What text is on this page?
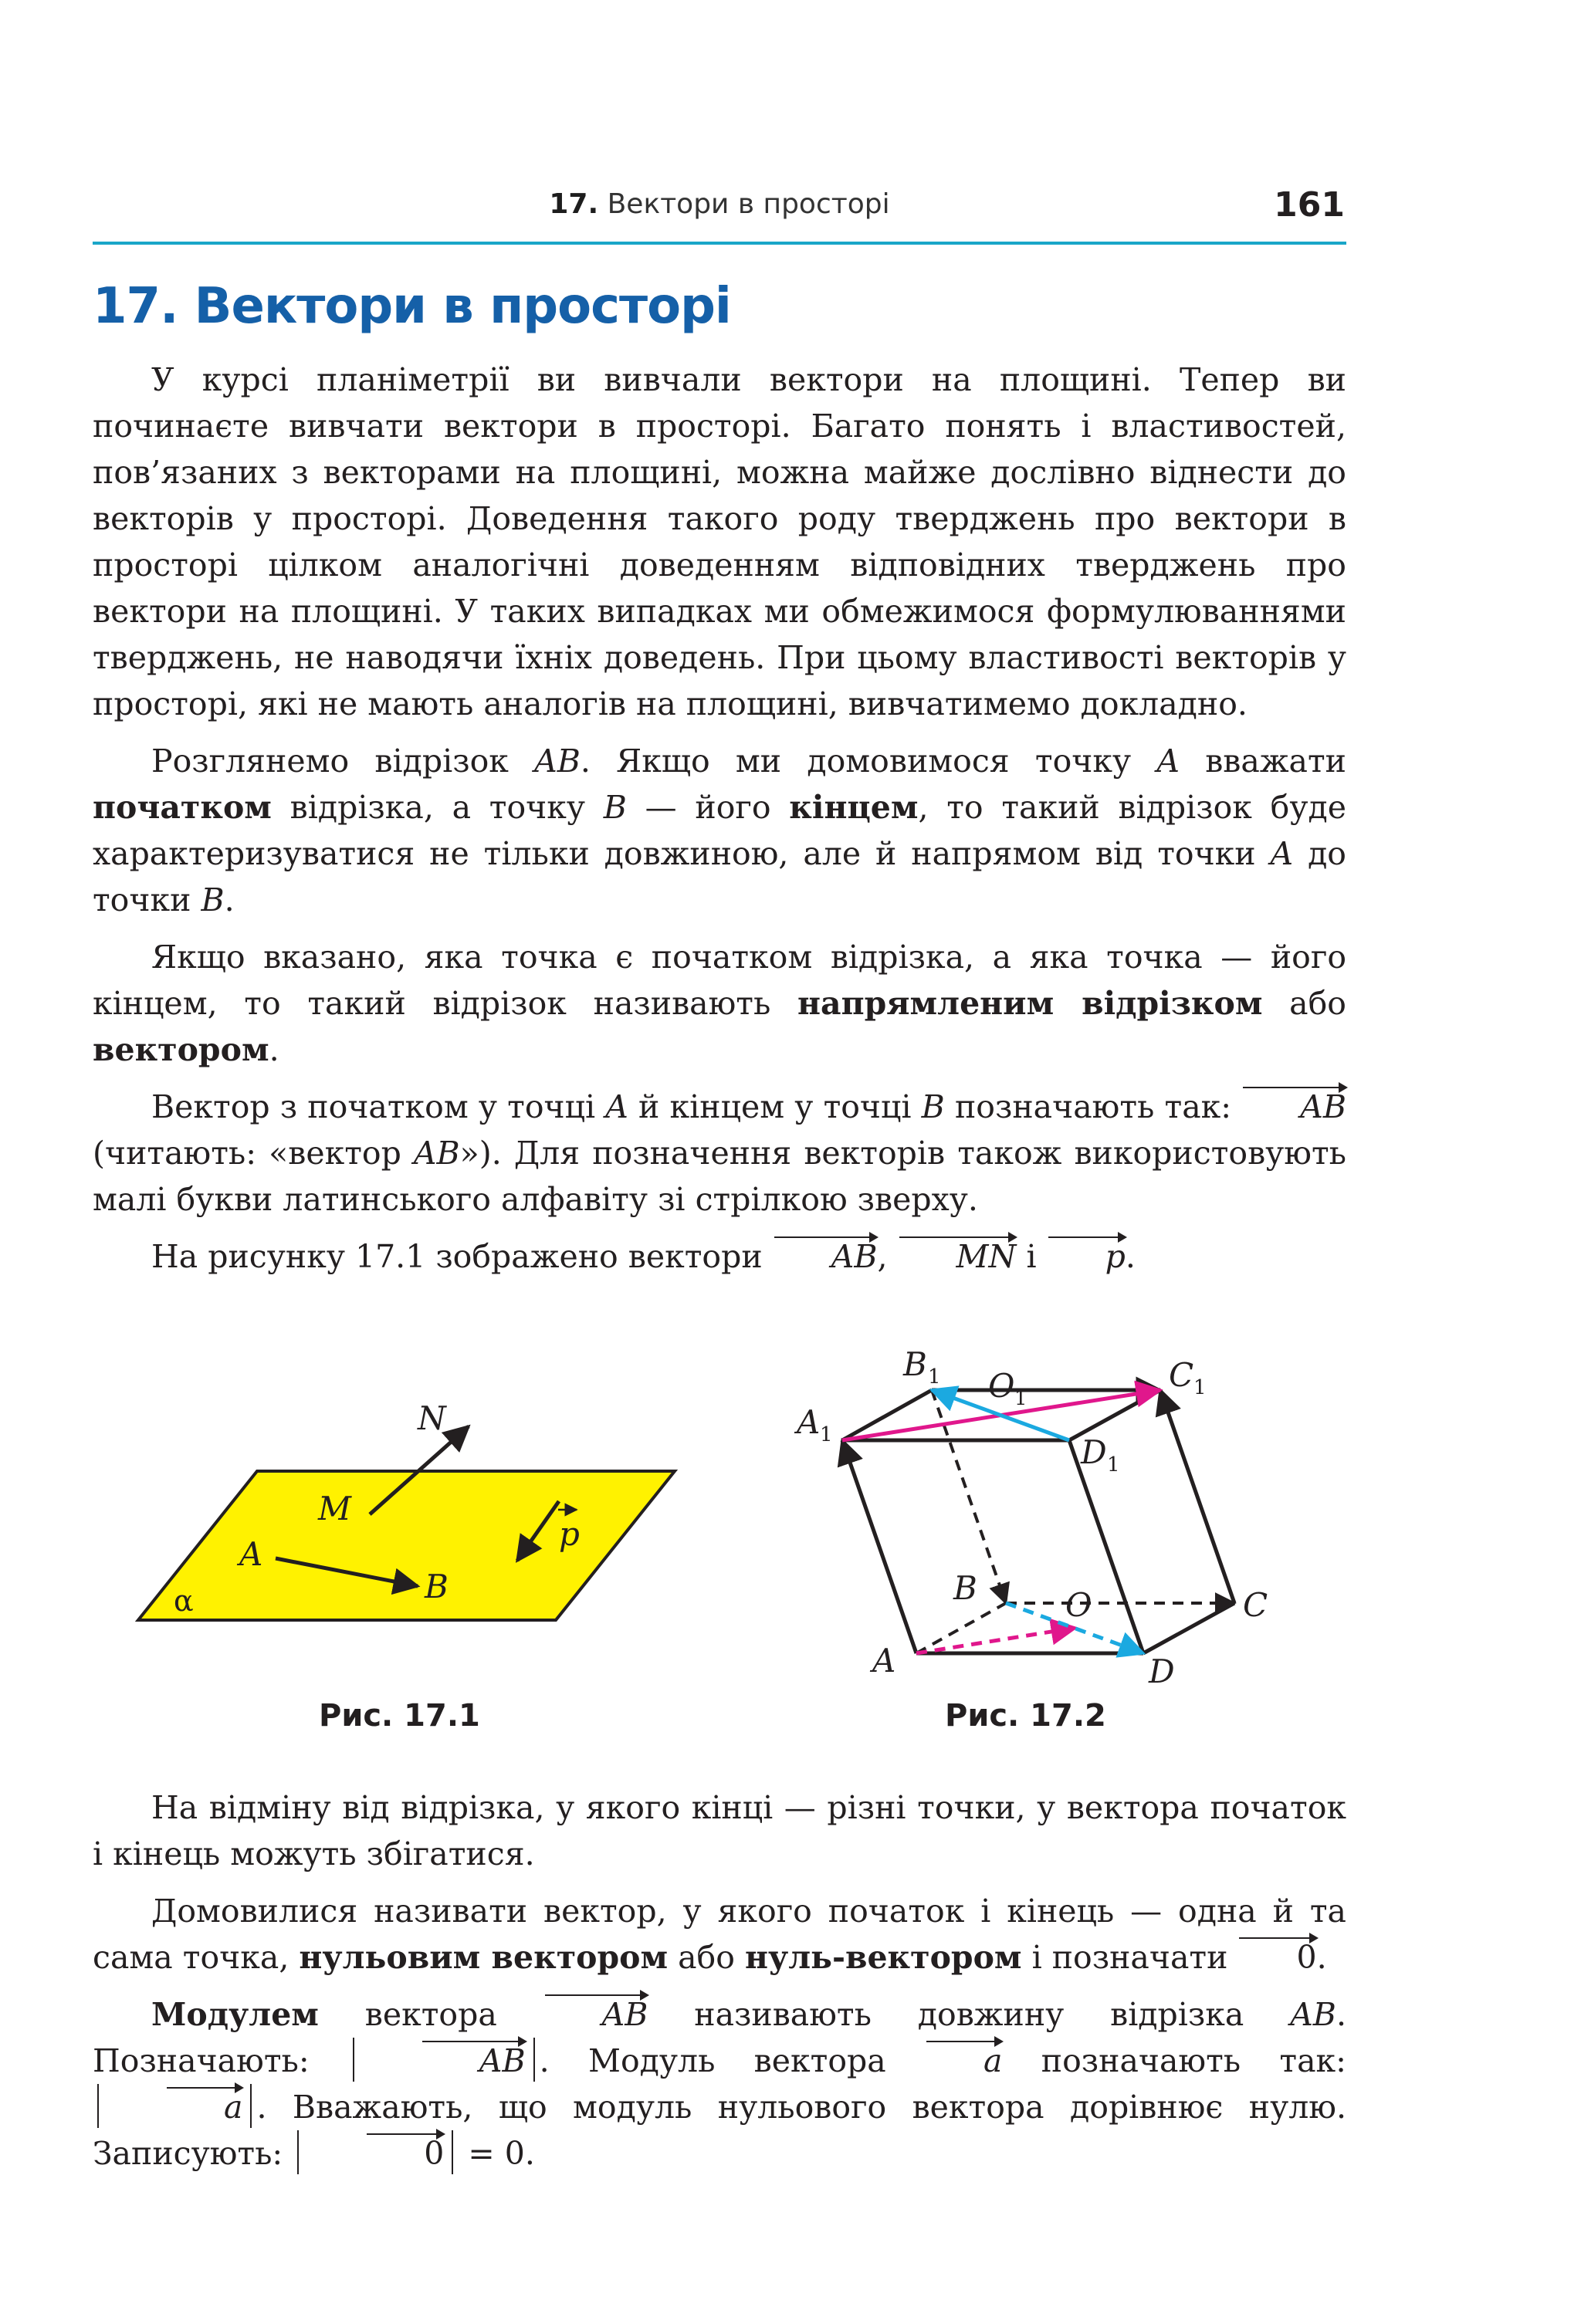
17. Вектори в просторі	161
17. Вектори в просторі

У курсі планіметрії ви вивчали вектори на площині. Тепер ви починаєте вивчати вектори в просторі. Багато понять і властивостей, пов’язаних з векторами на площині, можна майже дослівно віднести до векторів у просторі. Доведення такого роду тверджень про вектори в просторі цілком аналогічні доведенням відповідних тверджень про вектори на площині. У таких випадках ми обмежимося формулюваннями тверджень, не наводячи їхніх доведень. При цьому властивості векторів у просторі, які не мають аналогів на площині, вивчатимемо докладно.

Розглянемо відрізок AB. Якщо ми домовимося точку A вважати початком відрізка, а точку B — його кінцем, то такий відрізок буде характеризуватися не тільки довжиною, але й напрямом від точки A до точки B.

Якщо вказано, яка точка є початком відрізка, а яка точка — його кінцем, то такий відрізок називають напрямленим відрізком або вектором.

Вектор з початком у точці A й кінцем у точці B позначають так: AB (читають: «вектор AB»). Для позначення векторів також використовують малі букви латинського алфавіту зі стрілкою зверху.

На рисунку 17.1 зображено вектори AB, MN і p.

N
M
A
B
p
α
B 1 O 1
C 1
A 1	D 1
B	O	C
A	D
Рис. 17.1	Рис. 17.2

На відміну від відрізка, у якого кінці — різні точки, у вектора початок і кінець можуть збігатися.

Домовилися називати вектор, у якого початок і кінець — одна й та сама точка, нульовим вектором або нуль-вектором і позначати 0.

Модулем вектора AB називають довжину відрізка AB. Позначають:	AB . Модуль вектора a позначають так: a . Вважають, що модуль нульового вектора дорівнює нулю. Записують:	0 = 0.
